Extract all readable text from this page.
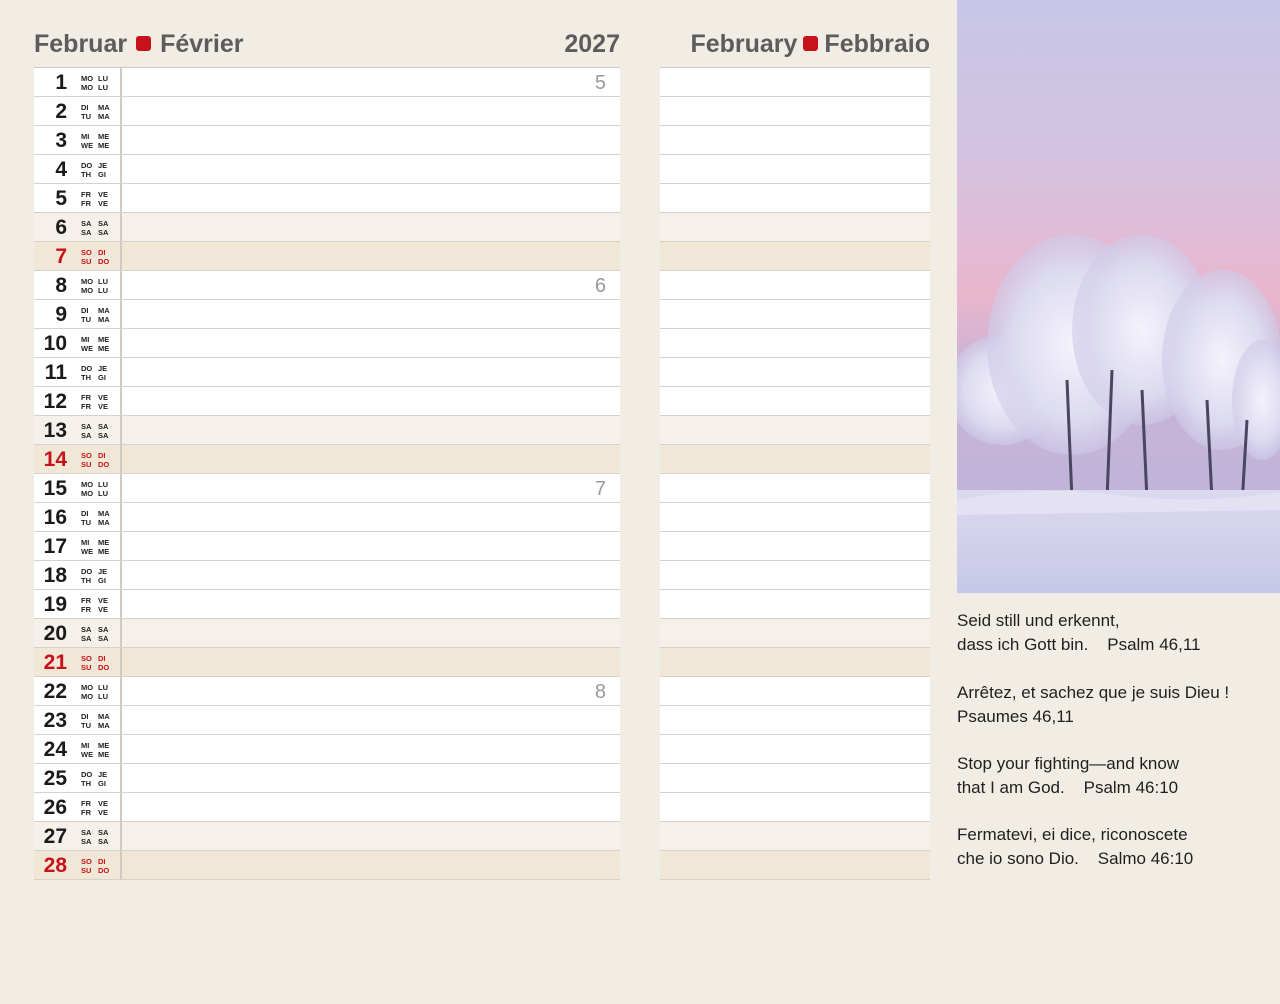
Februar Février	2027	February Febbraio
1 MO LU
MO LU	5
2 DI MA
TU MA
3 MI ME
WE ME
4 DO JE
TH GI
5 FR VE
FR VE
6 SA SA
SA SA
7 SO DI
SU DO
8 MO LU
MO LU	6
9 DI MA
TU MA
10 MI ME
WE ME
11 DO JE
TH GI
12 FR VE
FR VE
13 SA SA
SA SA
14 SO DI
SU DO
15 MO LU
MO LU	7
16 DI MA
TU MA
17 MI ME
WE ME
18 DO JE
TH GI
19 FR VE
FR VE
20 SA SA
SA SA
21 SO DI
SU DO
22 MO LU
MO LU	8
23 DI MA
TU MA
24 MI ME
WE ME
25 DO JE
TH GI
26 FR VE
FR VE
27 SA SA
SA SA
28 SO DI
SU DO
Seid still und erkennt,
dass ich Gott bin.    Psalm 46,11
Arrêtez, et sachez que je suis Dieu !
Psaumes 46,11
Stop your fighting—and know
that I am God.    Psalm 46:10
Fermatevi, ei dice, riconoscete
che io sono Dio.    Salmo 46:10
